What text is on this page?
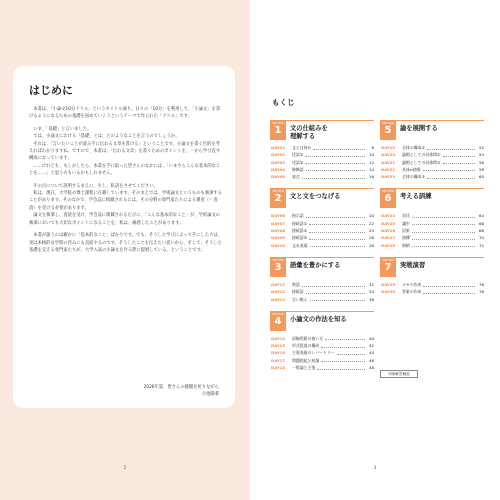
はじめに

本書は、「小論文10分ドリル」というタイトル通り、日々の「10分」を利用して、「小論文」を書けるようになるための基礎を固めていこうというテーマで作られた「ドリル」です。

いま、「基礎」と言いました。

では、小論文における「基礎」とは、どのようなことを言うのでしょうか。

それは、「言いたいことが読み手に伝わる文章を書ける」ということです。小論文を書く目的を考えればわかりますね。ですので、本書は、「伝わる文章」を書くためのポイントを、一から学び直す構成になっています。

……けれども、もしかしたら、本書を手に取った皆さんのなかには、「いまさらこんな基本的なことを……」と思う方もいるかもしれません。

その点について説明するまえに、少し、私語をさせてください。

私は、現在、大学院の博士課程に在籍しています。そのまえでは、学術論文というものも執筆することがあります。そのなかで、学会誌に掲載されるには、その分野の専門家たちによる審査（＝査読）を受ける必要があります。

論文を執筆し、査読を受け、学会誌に掲載されるたびに、「こんな基本的なこと」が、学術論文の執筆においても大切なポイントになることを、私は、痛感したことがあります。

本書が扱うのは確かに「基本的なこと」ばかりです。でも、そうした学びによって手にした力は、実は本格的な学問の営みにも直結するのです。そうしたことを伝えたい思いから、そして、そうした基礎を支える専門家たちが、大学入試の小論文を作る際に提唱している、ということです。

2026年夏　皆さんの健闘を祈りながら
小池陽菜
2
もくじ
SECTION
1	文の仕組みを
理解する
DAY01 文とは何か	8
DAY02 述語①	10
DAY03 述語②	12
DAY04 修飾語	14
DAY05 読点	16
SECTION
2	文と文をつなげる
DAY06 指示語	20
DAY07 接続語①	22
DAY08 接続語②	24
DAY09 接続語③	26
DAY10 文末表現	28
SECTION
3	語彙を豊かにする
DAY11 熟語	32
DAY12 接続語	34
DAY13 言い換え	36
SECTION
4	小論文の作法を知る
DAY14 原稿用紙の使い方	40
DAY15 形式段落の構成	42
DAY16 主張表現のレパートリー	44
DAY17 問題提起と結論	46
DAY18 一般論と主張	48
SECTION
5	論を展開する
DAY19 全体の構成①	52
DAY20 論拠としての具体例①	54
DAY21 論拠としての具体例②	56
DAY22 具体⇔抽象	58
DAY23 全体の構成②	60
SECTION
6	考える訓練
DAY24 対比	64
DAY25 譲歩	66
DAY26 因果	68
DAY27 演繹	70
DAY28 帰納	72
SECTION
7	実戦演習
DAY29 メモの作成	76
DAY30 答案の作成	78
別冊解答解説
3
